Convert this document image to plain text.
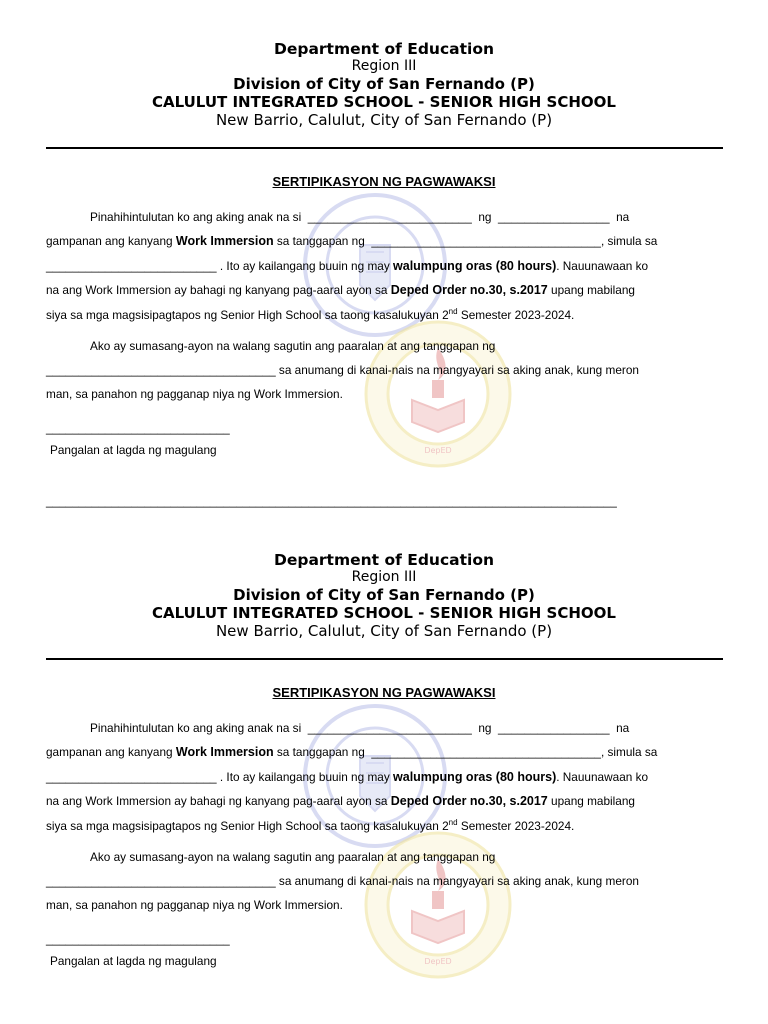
DepED
Department of Education
Region III
Division of City of San Fernando (P)
CALULUT INTEGRATED SCHOOL - SENIOR HIGH SCHOOL
New Barrio, Calulut, City of San Fernando (P)
SERTIPIKASYON NG PAGWAWAKSI
Pinahihintulutan ko ang aking anak na si  _________________________  ng  _________________  na
gampanan ang kanyang Work Immersion sa tanggapan ng  ___________________________________, simula sa
__________________________ . Ito ay kailangang buuin ng may walumpung oras (80 hours). Nauunawaan ko
na ang Work Immersion ay bahagi ng kanyang pag-aaral ayon sa Deped Order no.30, s.2017 upang mabilang
siya sa mga magsisipagtapos ng Senior High School sa taong kasalukuyan 2nd Semester 2023-2024.
Ako ay sumasang-ayon na walang sagutin ang paaralan at ang tanggapan ng
___________________________________ sa anumang di kanai-nais na mangyayari sa aking anak, kung meron
man, sa panahon ng pagganap niya ng Work Immersion.
____________________________
Pangalan at lagda ng magulang
_______________________________________________________________________________________
DepED
Department of Education
Region III
Division of City of San Fernando (P)
CALULUT INTEGRATED SCHOOL - SENIOR HIGH SCHOOL
New Barrio, Calulut, City of San Fernando (P)
SERTIPIKASYON NG PAGWAWAKSI
Pinahihintulutan ko ang aking anak na si  _________________________  ng  _________________  na
gampanan ang kanyang Work Immersion sa tanggapan ng  ___________________________________, simula sa
__________________________ . Ito ay kailangang buuin ng may walumpung oras (80 hours). Nauunawaan ko
na ang Work Immersion ay bahagi ng kanyang pag-aaral ayon sa Deped Order no.30, s.2017 upang mabilang
siya sa mga magsisipagtapos ng Senior High School sa taong kasalukuyan 2nd Semester 2023-2024.
Ako ay sumasang-ayon na walang sagutin ang paaralan at ang tanggapan ng
___________________________________ sa anumang di kanai-nais na mangyayari sa aking anak, kung meron
man, sa panahon ng pagganap niya ng Work Immersion.
____________________________
Pangalan at lagda ng magulang
